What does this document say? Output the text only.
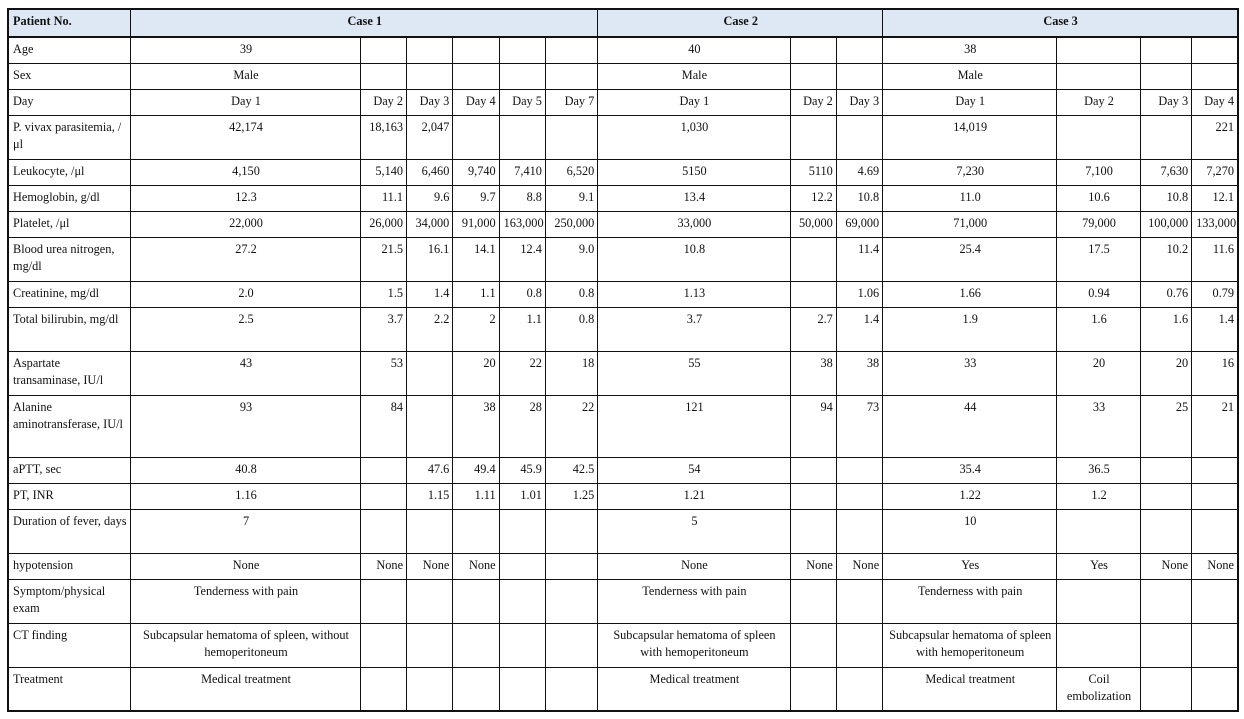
Patient No.	Case 1						Case 2			Case 3			
Age	39						40			38			
Sex	Male						Male			Male			
Day	Day 1	Day 2	Day 3	Day 4	Day 5	Day 7	Day 1	Day 2	Day 3	Day 1	Day 2	Day 3	Day 4
P. vivax parasitemia, /μl	42,174	18,163	2,047				1,030			14,019			221
Leukocyte, /μl	4,150	5,140	6,460	9,740	7,410	6,520	5150	5110	4.69	7,230	7,100	7,630	7,270
Hemoglobin, g/dl	12.3	11.1	9.6	9.7	8.8	9.1	13.4	12.2	10.8	11.0	10.6	10.8	12.1
Platelet, /μl	22,000	26,000	34,000	91,000	163,000	250,000	33,000	50,000	69,000	71,000	79,000	100,000	133,000
Blood urea nitrogen, mg/dl	27.2	21.5	16.1	14.1	12.4	9.0	10.8		11.4	25.4	17.5	10.2	11.6
Creatinine, mg/dl	2.0	1.5	1.4	1.1	0.8	0.8	1.13		1.06	1.66	0.94	0.76	0.79
Total bilirubin, mg/dl	2.5	3.7	2.2	2	1.1	0.8	3.7	2.7	1.4	1.9	1.6	1.6	1.4
Aspartate transaminase, IU/l	43	53		20	22	18	55	38	38	33	20	20	16
Alanine aminotransferase, IU/l	93	84		38	28	22	121	94	73	44	33	25	21
aPTT, sec	40.8		47.6	49.4	45.9	42.5	54			35.4	36.5		
PT, INR	1.16		1.15	1.11	1.01	1.25	1.21			1.22	1.2		
Duration of fever, days	7						5			10			
hypotension	None	None	None	None			None	None	None	Yes	Yes	None	None
Symptom/physical exam	Tenderness with pain						Tenderness with pain			Tenderness with pain			
CT finding	Subcapsular hematoma of spleen, without hemoperitoneum						Subcapsular hematoma of spleen with hemoperitoneum			Subcapsular hematoma of spleen with hemoperitoneum			
Treatment	Medical treatment						Medical treatment			Medical treatment	Coil embolization		
